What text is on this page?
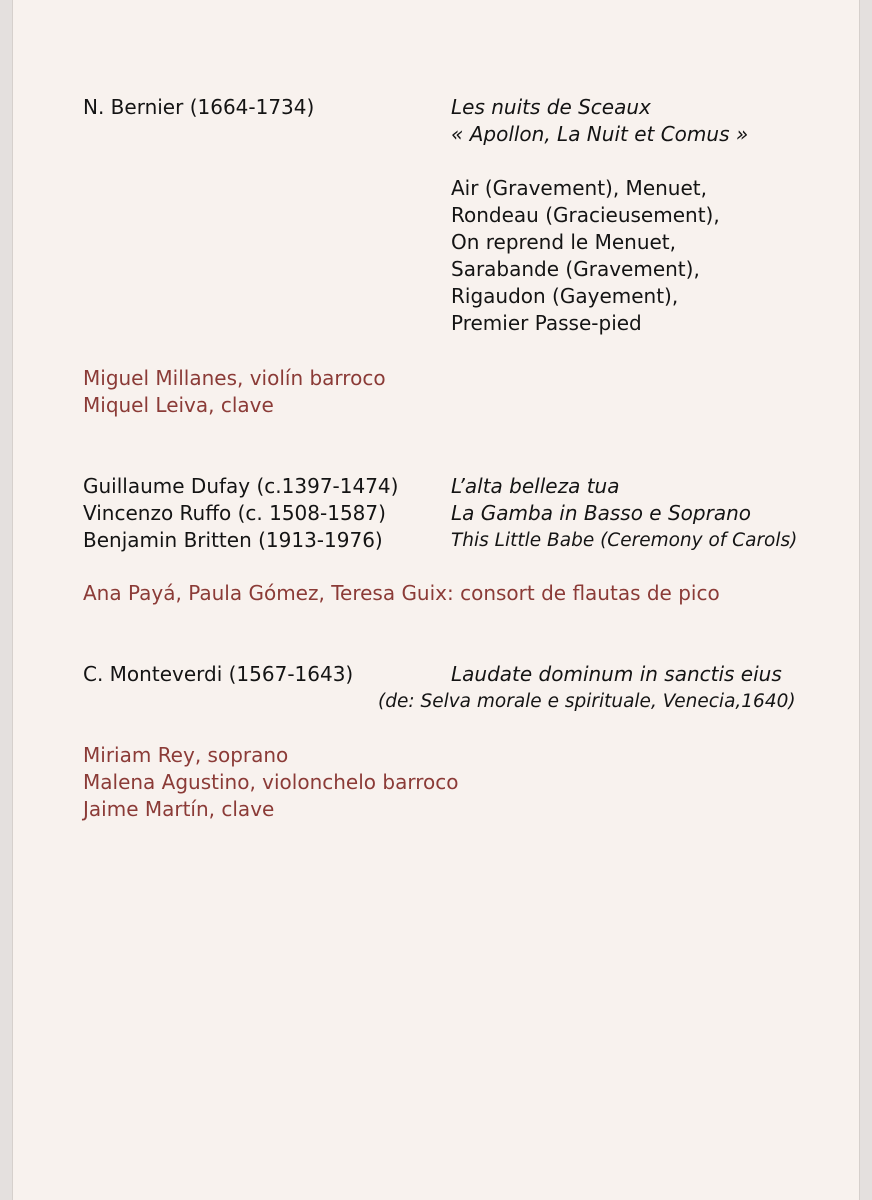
N. Bernier (1664-1734)	Les nuits de Sceaux

« Apollon, La Nuit et Comus »

Air (Gravement), Menuet,

Rondeau (Gracieusement),

On reprend le Menuet,

Sarabande (Gravement),

Rigaudon (Gayement),

Premier Passe-pied

Miguel Millanes, violín barroco

Miquel Leiva, clave

Guillaume Dufay (c.1397-1474)	L’alta belleza tua

Vincenzo Ruffo (c. 1508-1587)	La Gamba in Basso e Soprano

Benjamin Britten (1913-1976)	This Little Babe (Ceremony of Carols)

Ana Payá, Paula Gómez, Teresa Guix: consort de flautas de pico

C. Monteverdi (1567-1643)	Laudate dominum in sanctis eius

(de: Selva morale e spirituale, Venecia,1640)

Miriam Rey, soprano

Malena Agustino, violonchelo barroco

Jaime Martín, clave
